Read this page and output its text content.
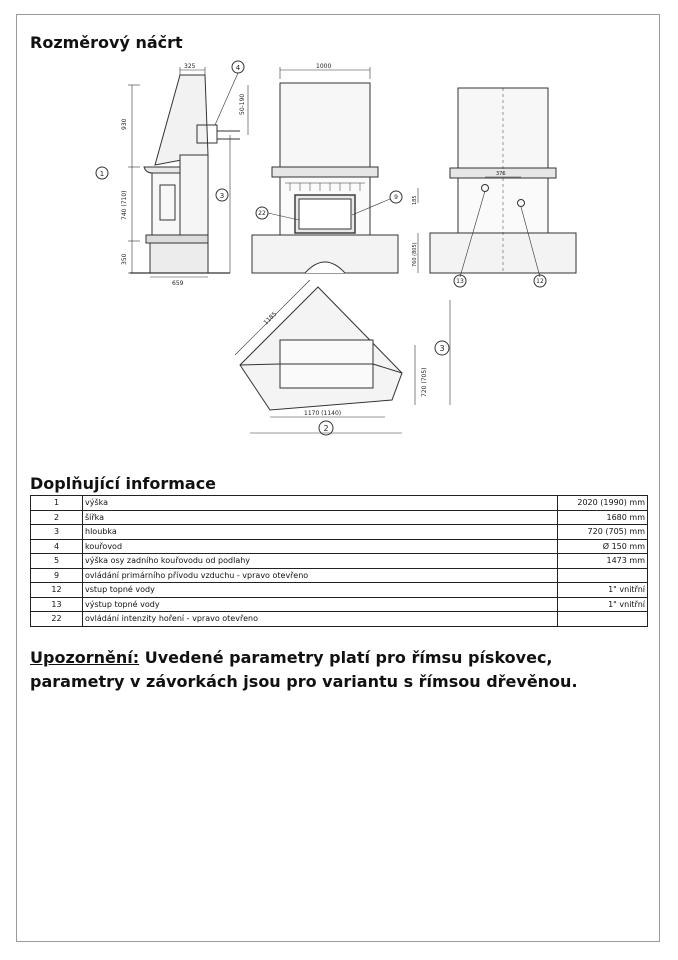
Rozměrový náčrt
325
930
740 (710)
350
659
50-190
1
4
3
1000
22
9
376
185
760 (805)
13	12
1185
1170 (1140)
720 (705)
2
3
Doplňující informace
1	výška	2020 (1990) mm
2	šířka	1680 mm
3	hloubka	720 (705) mm
4	kouřovod	Ø 150 mm
5	výška osy zadního kouřovodu od podlahy	1473 mm
9	ovládání primárního přívodu vzduchu - vpravo otevřeno	
12	vstup topné vody	1" vnitřní
13	výstup topné vody	1" vnitřní
22	ovládání intenzity hoření - vpravo otevřeno	

Upozornění: Uvedené parametry platí pro římsu pískovec, parametry v závorkách jsou pro variantu s římsou dřevěnou.
